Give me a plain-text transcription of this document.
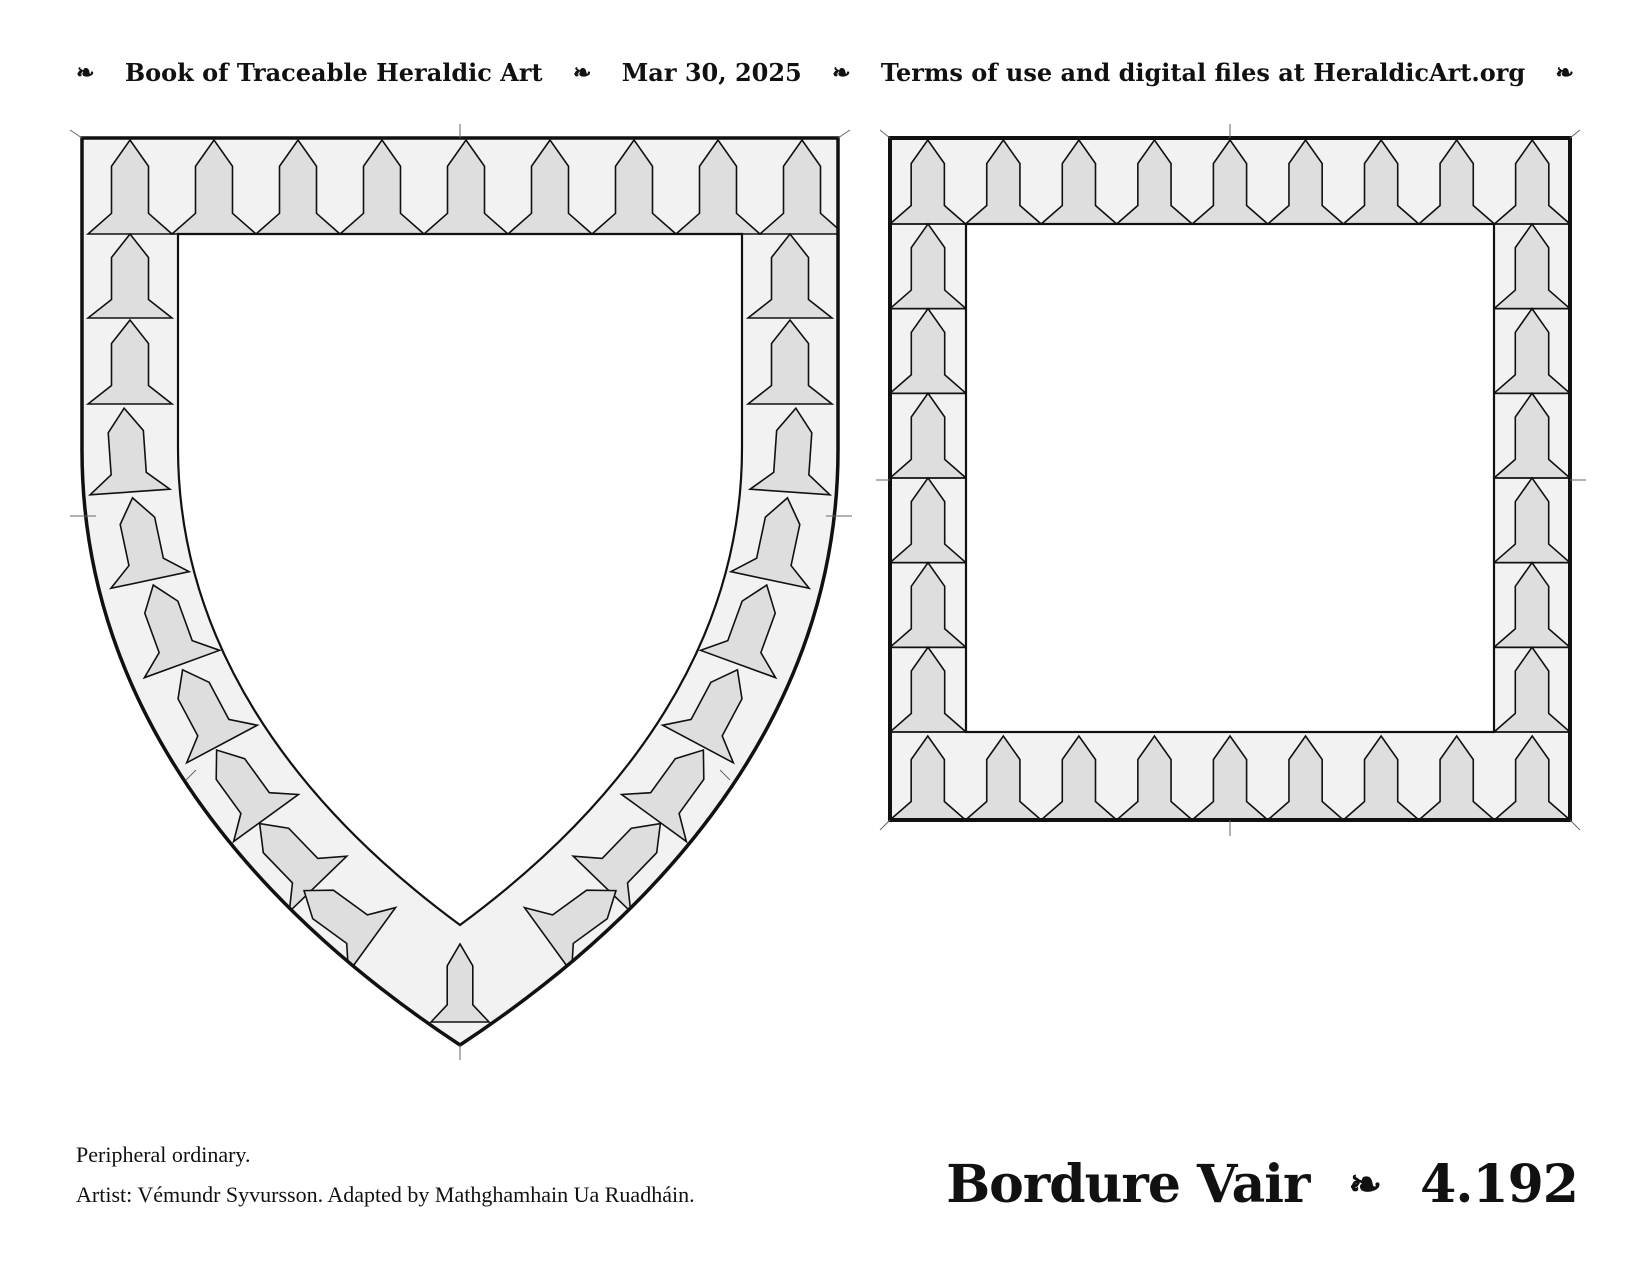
❧ Book of Traceable Heraldic Art ❧ Mar 30, 2025 ❧ Terms of use and digital files at HeraldicArt.org ❧
Peripheral ordinary.
Artist: Vémundr Syvursson. Adapted by Mathghamhain Ua Ruadháin.	Bordure Vair ❧ 4.192
